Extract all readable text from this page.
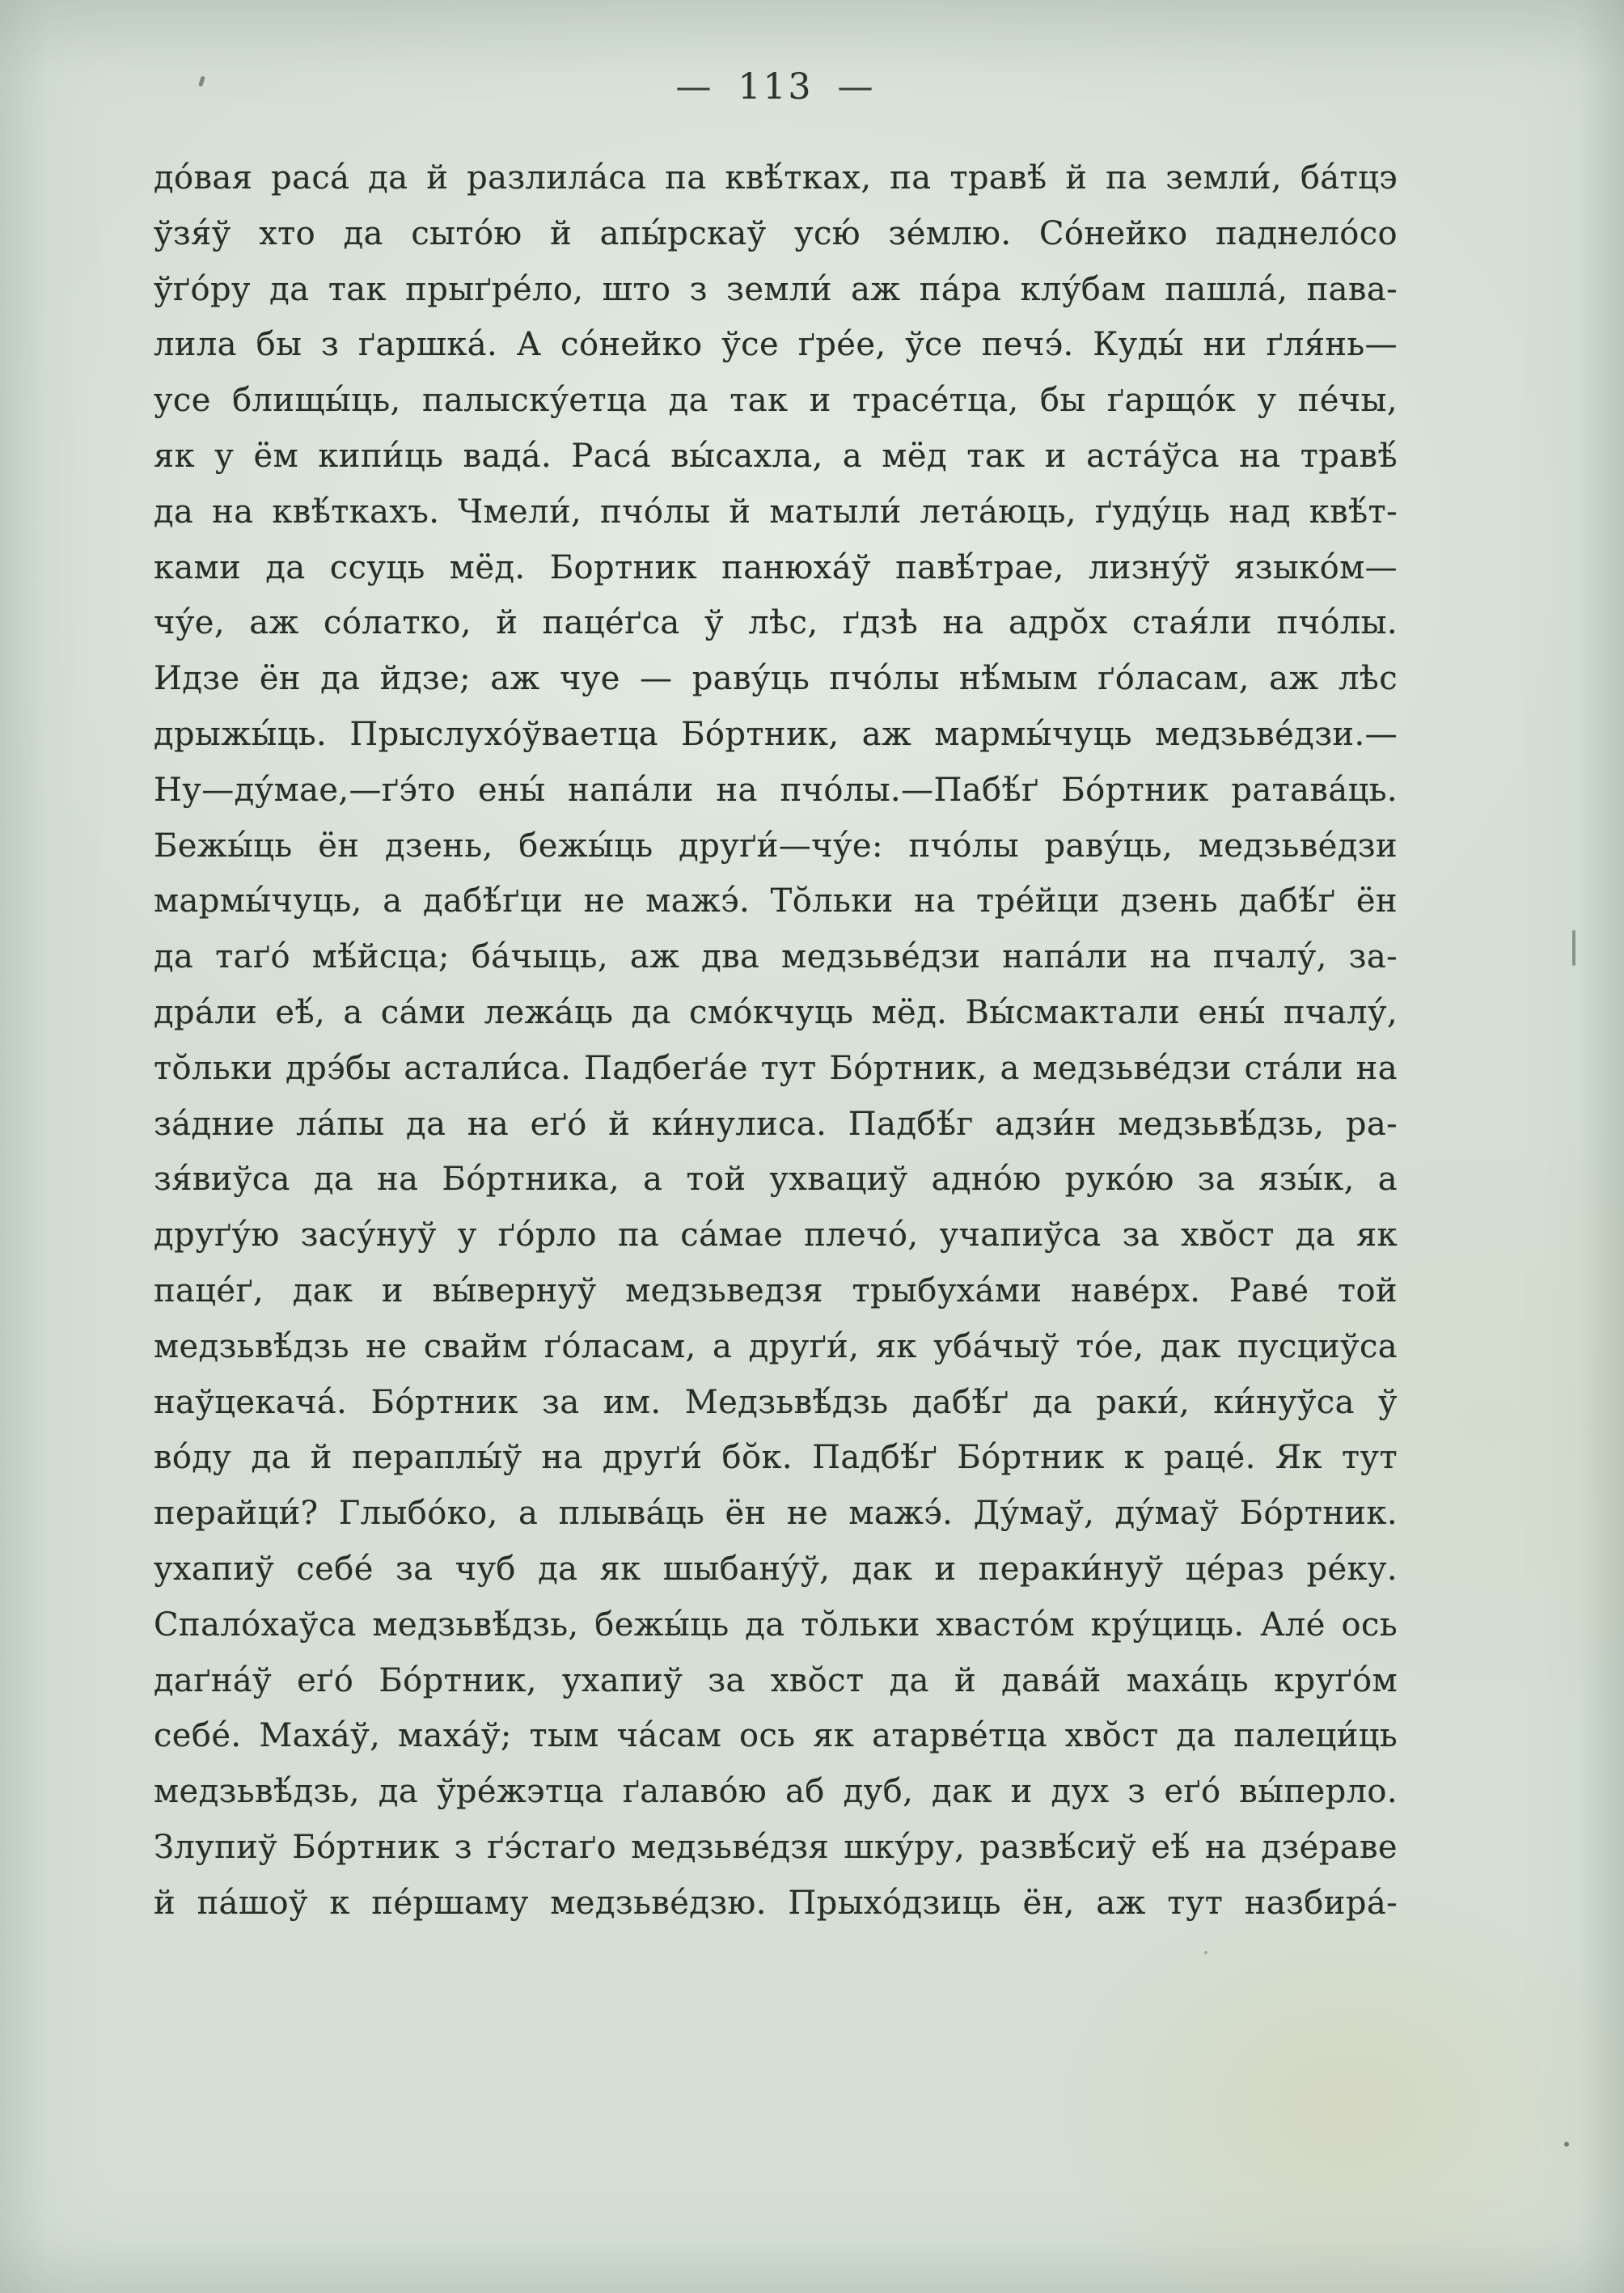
— 113 —
до́вая раса́ да й разлила́са па квѣ́тках, па травѣ́ й па земли́, ба́тцэ
ўзя́ў хто да сыто́ю й апы́рскаў усю́ зе́млю. Со́нейко паднело́со
ўґо́ру да так прыґре́ло, што з земли́ аж па́ра клу́бам пашла́, пава-
лила бы з ґаршка́. А со́нейко ўсе ґре́е, ўсе печэ́. Куды́ ни ґля́нь—
усе блищы́ць, палыску́етца да так и трасе́тца, бы ґарщо́к у пе́чы,
як у ём кипи́ць вада́. Раса́ вы́сахла, а мёд так и аста́ўса на травѣ́
да на квѣ́ткахъ. Чмели́, пчо́лы й матыли́ лета́юць, ґуду́ць над квѣ́т-
ками да ссуць мёд. Бортник панюха́ў павѣ́трае, лизну́ў языко́м—
чу́е, аж со́латко, й паце́ґса ў лѣс, ґдзѣ на адро̆х стая́ли пчо́лы.
Идзе ён да йдзе; аж чуе — раву́ць пчо́лы нѣ́мым ґо́ласам, аж лѣс
дрыжы́ць. Прыслухо́ўваетца Бо́ртник, аж мармы́чуць медзьве́дзи.—
Ну—ду́мае,—ґэ́то ены́ напа́ли на пчо́лы.—Пабѣ́ґ Бо́ртник ратава́ць.
Бежы́ць ён дзень, бежы́ць друґи́—чу́е: пчо́лы раву́ць, медзьве́дзи
мармы́чуць, а дабѣ́ґци не мажэ́. То̆льки на тре́йци дзень дабѣ́ґ ён
да таґо́ мѣ́йсца; ба́чыць, аж два медзьве́дзи напа́ли на пчалу́, за-
дра́ли еѣ́, а са́ми лежа́ць да смо́кчуць мёд. Вы́смактали ены́ пчалу́,
то̆льки дрэ́бы астали́са. Падбеґа́е тут Бо́ртник, а медзьве́дзи ста́ли на
за́дние ла́пы да на еґо́ й ки́нулиса. Падбѣ́г адзи́н медзьвѣ́дзь, ра-
зя́виўса да на Бо́ртника, а той ухвациў адно́ю руко́ю за язы́к, а
друґу́ю засу́нуў у ґо́рло па са́мае плечо́, учапиўса за хво̆ст да як
паце́ґ, дак и вы́вернуў медзьведзя трыбуха́ми наве́рх. Раве́ той
медзьвѣ́дзь не свайм ґо́ласам, а друґи́, як уба́чыў то́е, дак пусциўса
наўцекача́. Бо́ртник за им. Медзьвѣ́дзь дабѣ́ґ да раки́, ки́нуўса ў
во́ду да й пераплы́ў на друґи́ бо̆к. Падбѣ́ґ Бо́ртник к раце́. Як тут
перайци́? Глыбо́ко, а плыва́ць ён не мажэ́. Ду́маў, ду́маў Бо́ртник.
ухапиў себе́ за чуб да як шыбану́ў, дак и пераки́нуў це́раз ре́ку.
Спало́хаўса медзьвѣ́дзь, бежы́ць да то̆льки хвасто́м кру́циць. Але́ ось
даґна́ў еґо́ Бо́ртник, ухапиў за хво̆ст да й дава́й маха́ць круґо́м
себе́. Маха́ў, маха́ў; тым ча́сам ось як атарве́тца хво̆ст да палеци́ць
медзьвѣ́дзь, да ўре́жэтца ґалаво́ю аб дуб, дак и дух з еґо́ вы́перло.
Злупиў Бо́ртник з ґэ́стаґо медзьве́дзя шку́ру, развѣ́сиў еѣ́ на дзе́раве
й па́шоў к пе́ршаму медзьве́дзю. Прыхо́дзиць ён, аж тут назбира́-
